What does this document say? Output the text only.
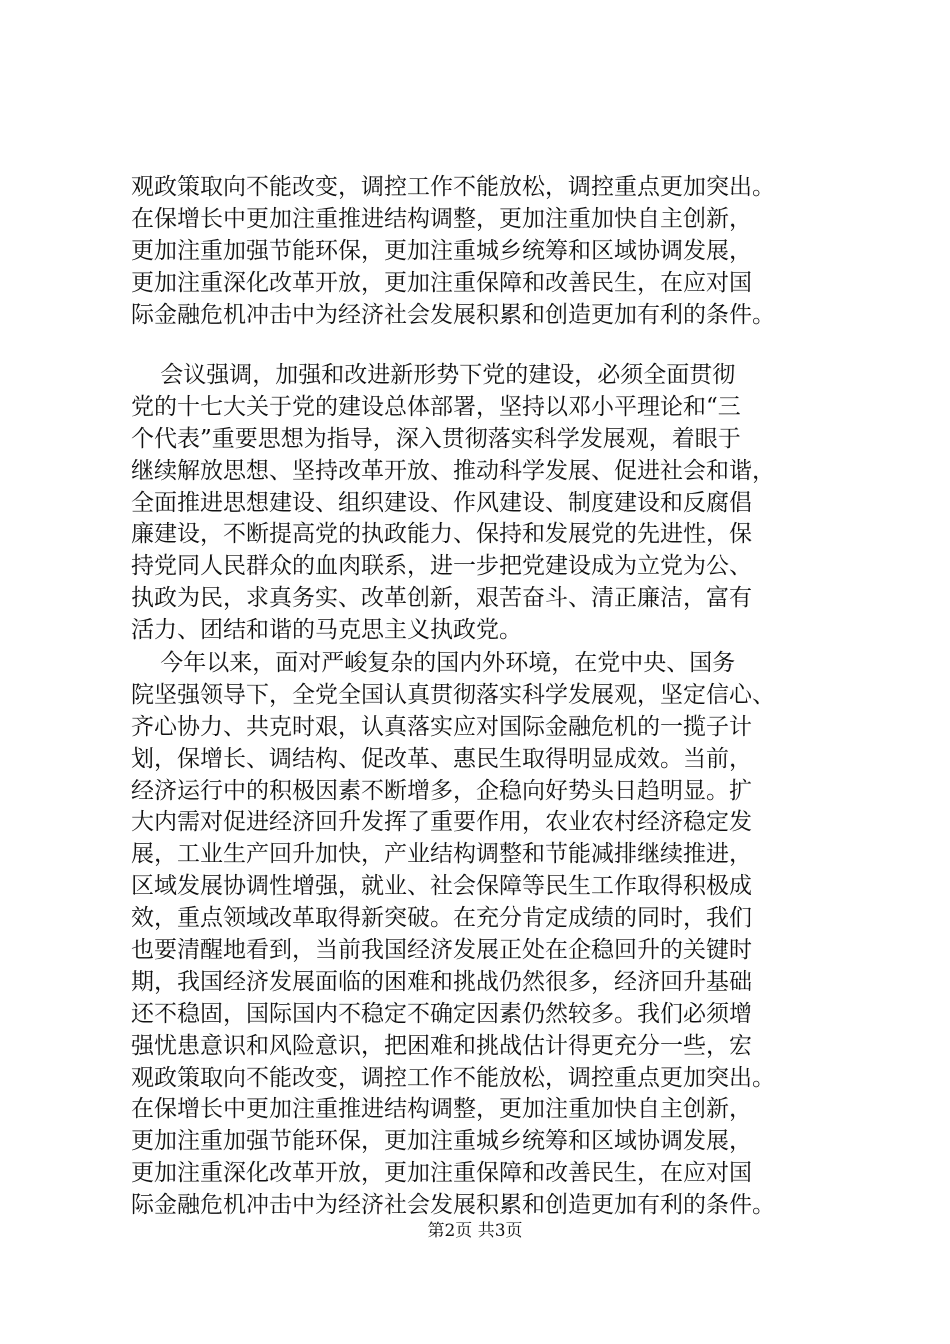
观政策取向不能改变，调控工作不能放松，调控重点更加突出。
在保增长中更加注重推进结构调整，更加注重加快自主创新，
更加注重加强节能环保，更加注重城乡统筹和区域协调发展，
更加注重深化改革开放，更加注重保障和改善民生，在应对国
际金融危机冲击中为经济社会发展积累和创造更加有利的条件。
会议强调，加强和改进新形势下党的建设，必须全面贯彻
党的十七大关于党的建设总体部署，坚持以邓小平理论和“三
个代表”重要思想为指导，深入贯彻落实科学发展观，着眼于
继续解放思想、坚持改革开放、推动科学发展、促进社会和谐，
全面推进思想建设、组织建设、作风建设、制度建设和反腐倡
廉建设，不断提高党的执政能力、保持和发展党的先进性，保
持党同人民群众的血肉联系，进一步把党建设成为立党为公、
执政为民，求真务实、改革创新，艰苦奋斗、清正廉洁，富有
活力、团结和谐的马克思主义执政党。
今年以来，面对严峻复杂的国内外环境，在党中央、国务
院坚强领导下，全党全国认真贯彻落实科学发展观，坚定信心、
齐心协力、共克时艰，认真落实应对国际金融危机的一揽子计
划，保增长、调结构、促改革、惠民生取得明显成效。当前，
经济运行中的积极因素不断增多，企稳向好势头日趋明显。扩
大内需对促进经济回升发挥了重要作用，农业农村经济稳定发
展，工业生产回升加快，产业结构调整和节能减排继续推进，
区域发展协调性增强，就业、社会保障等民生工作取得积极成
效，重点领域改革取得新突破。在充分肯定成绩的同时，我们
也要清醒地看到，当前我国经济发展正处在企稳回升的关键时
期，我国经济发展面临的困难和挑战仍然很多，经济回升基础
还不稳固，国际国内不稳定不确定因素仍然较多。我们必须增
强忧患意识和风险意识，把困难和挑战估计得更充分一些，宏
观政策取向不能改变，调控工作不能放松，调控重点更加突出。
在保增长中更加注重推进结构调整，更加注重加快自主创新，
更加注重加强节能环保，更加注重城乡统筹和区域协调发展，
更加注重深化改革开放，更加注重保障和改善民生，在应对国
际金融危机冲击中为经济社会发展积累和创造更加有利的条件。
第2页 共3页
